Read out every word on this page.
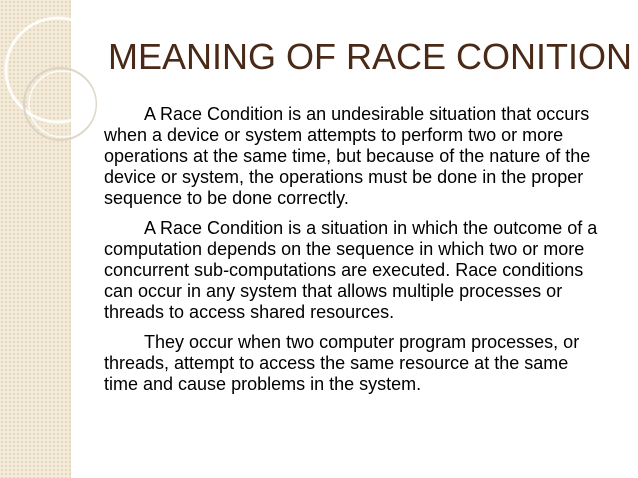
MEANING OF RACE CONITION

A Race Condition is an undesirable situation that occurs when a device or system attempts to perform two or more operations at the same time, but because of the nature of the device or system, the operations must be done in the proper sequence to be done correctly.

A Race Condition is a situation in which the outcome of a computation depends on the sequence in which two or more concurrent sub-computations are executed. Race conditions can occur in any system that allows multiple processes or threads to access shared resources.

They occur when two computer program processes, or threads, attempt to access the same resource at the same time and cause problems in the system.
